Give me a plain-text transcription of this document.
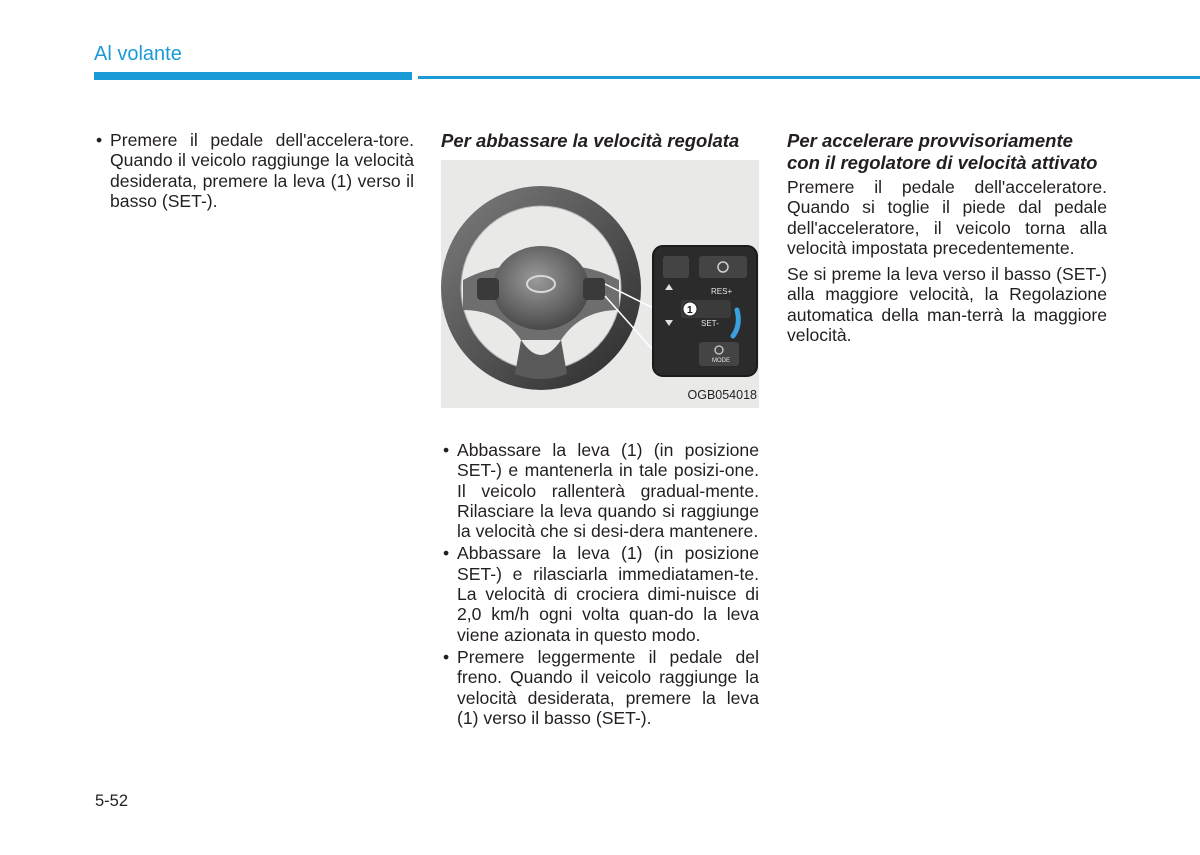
Al volante
• Premere il pedale dell'accelera-tore. Quando il veicolo raggiunge la velocità desiderata, premere la leva (1) verso il basso (SET-).
Per abbassare la velocità regolata
RES+
SET-
1
MODE
OGB054018
• Abbassare la leva (1) (in posizione SET-) e mantenerla in tale posizi-one. Il veicolo rallenterà gradual-mente. Rilasciare la leva quando si raggiunge la velocità che si desi-dera mantenere.
• Abbassare la leva (1) (in posizione SET-) e rilasciarla immediatamen-te. La velocità di crociera dimi-nuisce di 2,0 km/h ogni volta quan-do la leva viene azionata in questo modo.
• Premere leggermente il pedale del freno. Quando il veicolo raggiunge la velocità desiderata, premere la leva (1) verso il basso (SET-).
Per accelerare provvisoriamente con il regolatore di velocità attivato

Premere il pedale dell'acceleratore. Quando si toglie il piede dal pedale dell'acceleratore, il veicolo torna alla velocità impostata precedentemente.

Se si preme la leva verso il basso (SET-) alla maggiore velocità, la Regolazione automatica della man-terrà la maggiore velocità.

5-52
